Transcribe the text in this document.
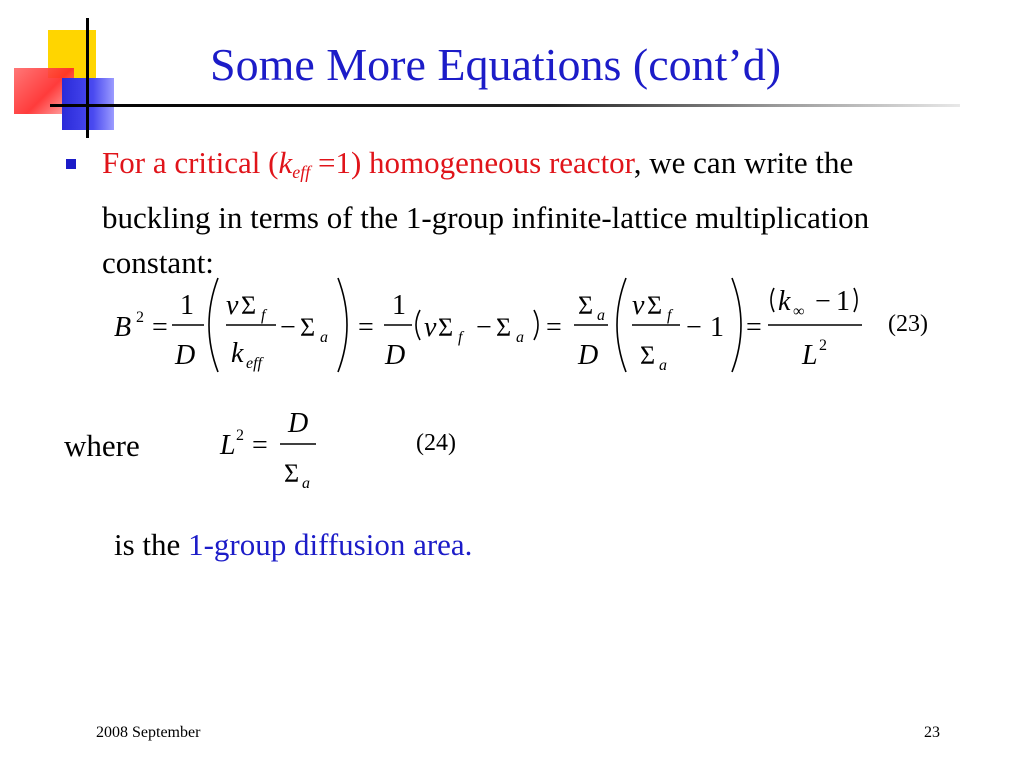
Some More Equations (cont’d)
For a critical $(k_{eff} =1)$ homogeneous reactor, we can write the buckling in terms of the 1-group infinite-lattice multiplication constant:
B 2 =
1
D
ν Σ f
k eff
− Σ a =
1
D
ν Σ f − Σ a =
Σ a
D
ν Σ f
Σ a
− 1 =
k ∞ − 1
L 2
(23)
where	L 2 =
D
Σ a
(24)
is the 1-group diffusion area.
2008 September	23
